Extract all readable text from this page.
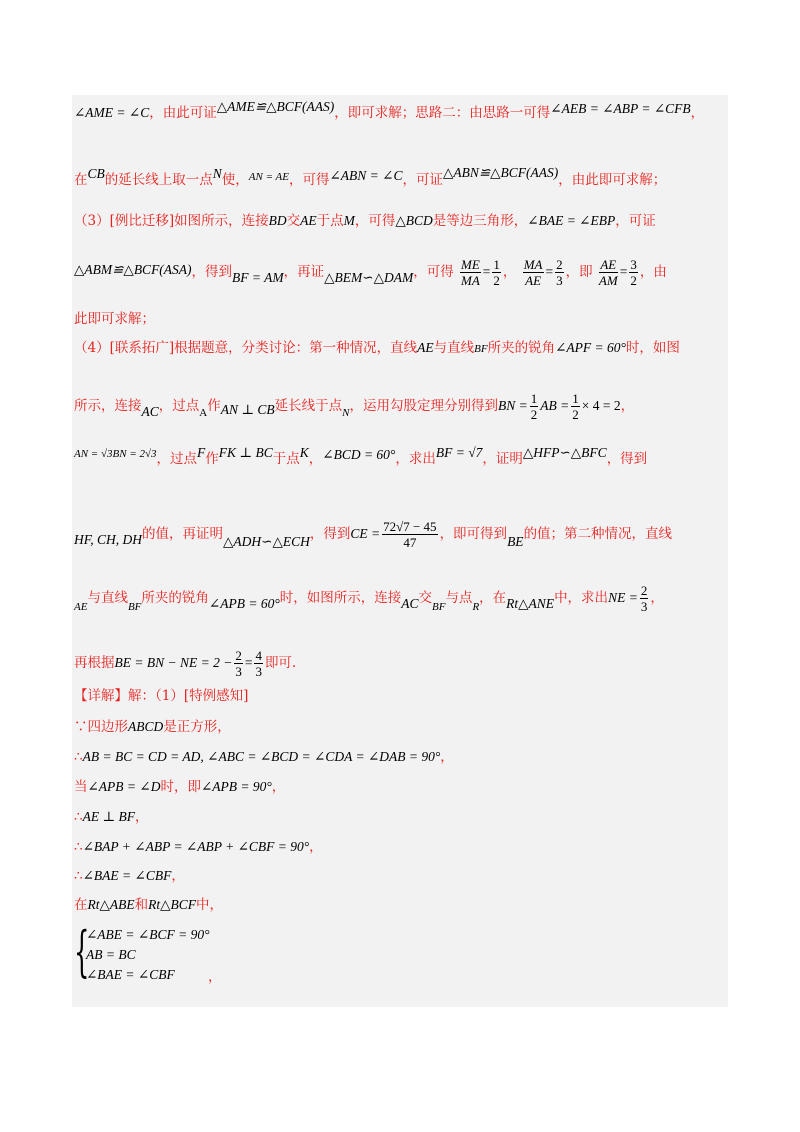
∠AME = ∠C，由此可证△AME≌△BCF(AAS)，即可求解；思路二：由思路一可得∠AEB = ∠ABP = ∠CFB，
在CB的延长线上取一点N使，$^{AN = AE}$，可得∠ABN = ∠C，可证△ABN≌△BCF(AAS)，由此即可求解；
（3）[例比迁移]如图所示，连接BD交AE于点M，可得△BCD是等边三角形，∠BAE = ∠EBP，可证
△ABM≌△BCF(ASA)，得到BF = AM，再证△BEM∽△DAM，可得 $\frac{ME}{MA} = \frac{1}{2}$ ， $\frac{MA}{AE} = \frac{2}{3}$ ，即 $\frac{AE}{AM} = \frac{3}{2}$ ，由
此即可求解；
（4）[联系拓广]根据题意，分类讨论：第一种情况，直线AE与直线BF所夹的锐角∠APF = 60°时，如图
所示，连接AC，过点$_A$作AN ⊥ CB延长线于点$_N$，运用勾股定理分别得到BN = $\frac{1}{2}$ AB = $\frac{1}{2} \times 4 = 2$，
$^{AN = √3BN = 2√3}$，过点F作FK ⊥ BC于点K，∠BCD = 60°，求出BF = √7，证明△HFP∽△BFC，得到
HF, CH, DH的值，再证明△ADH∽△ECH，得到CE = $\frac{72√7 - 45}{47}$ ，即可得到BE的值；第二种情况，直线
$_{AE}$与直线$_{BF}$所夹的锐角∠APB = 60°时，如图所示，连接AC交$_{BF}$与点$_R$，在Rt△ANE中，求出NE = $\frac{2}{3}$ ，
再根据BE = BN − NE = $2 - \frac{2}{3} = \frac{4}{3}$ 即可.
【详解】解：（1）[特例感知]
∵四边形ABCD是正方形，
∴AB = BC = CD = AD, ∠ABC = ∠BCD = ∠CDA = ∠DAB = 90°，
当∠APB = ∠D时，即∠APB = 90°，
∴AE ⊥ BF，
∴∠BAP + ∠ABP = ∠ABP + ∠CBF = 90°，
∴∠BAE = ∠CBF，
在Rt△ABE和Rt△BCF中，
{
∠ABE = ∠BCF = 90°
AB = BC
∠BAE = ∠CBF	，
